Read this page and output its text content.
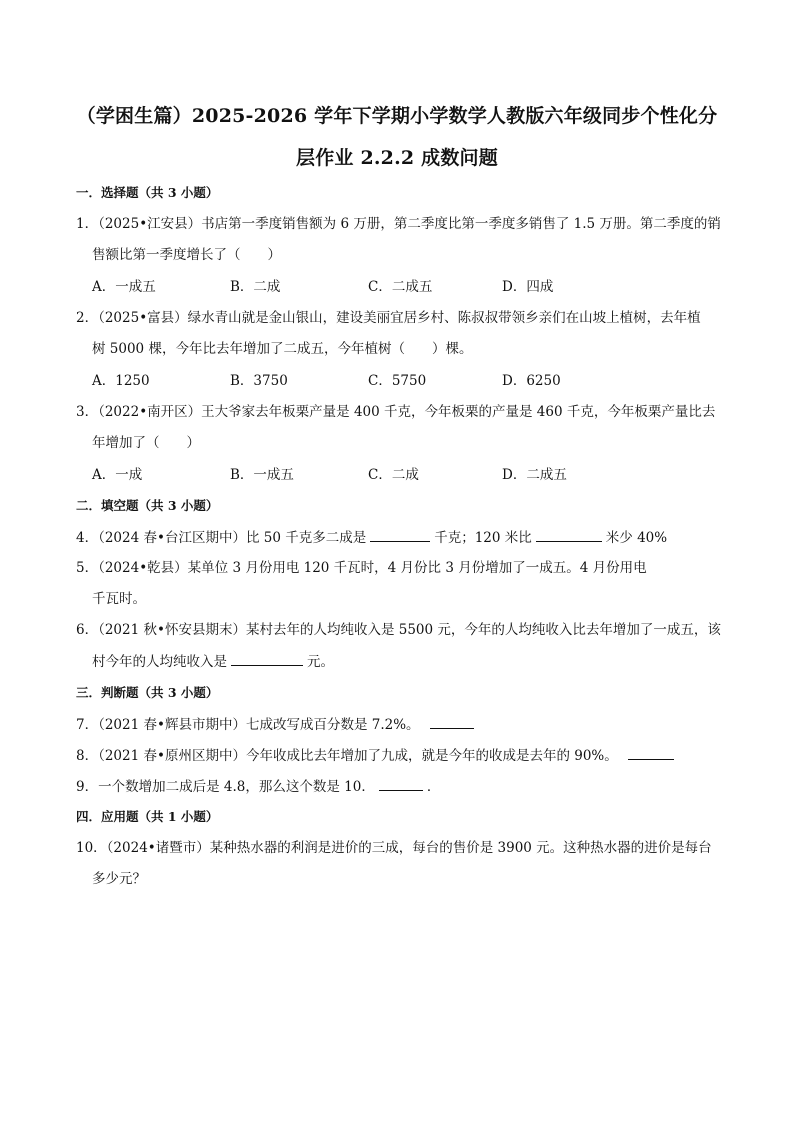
（学困生篇）2025-2026 学年下学期小学数学人教版六年级同步个性化分
层作业 2.2.2 成数问题
一．选择题（共 3 小题）
1．（2025•江安县）书店第一季度销售额为 6 万册，第二季度比第一季度多销售了 1.5 万册。第二季度的销
售额比第一季度增长了（　　）
A．一成五	B．二成	C．二成五	D．四成
2．（2025•富县）绿水青山就是金山银山，建设美丽宜居乡村、陈叔叔带领乡亲们在山坡上植树，去年植
树 5000 棵，今年比去年增加了二成五，今年植树（　　）棵。
A．1250	B．3750	C．5750	D．6250
3．（2022•南开区）王大爷家去年板栗产量是 400 千克，今年板栗的产量是 460 千克，今年板栗产量比去
年增加了（　　）
A．一成	B．一成五	C．二成	D．二成五
二．填空题（共 3 小题）
4．（2024 春•台江区期中）比 50 千克多二成是	千克；120 米比	米少 40%
5．（2024•乾县）某单位 3 月份用电 120 千瓦时，4 月份比 3 月份增加了一成五。4 月份用电
千瓦时。
6．（2021 秋•怀安县期末）某村去年的人均纯收入是 5500 元，今年的人均纯收入比去年增加了一成五，该
村今年的人均纯收入是	元。
三．判断题（共 3 小题）
7．（2021 春•辉县市期中）七成改写成百分数是 7.2%。
8．（2021 春•原州区期中）今年收成比去年增加了九成，就是今年的收成是去年的 90%。
9．一个数增加二成后是 4.8，那么这个数是 10．	．
四．应用题（共 1 小题）
10．（2024•诸暨市）某种热水器的利润是进价的三成，每台的售价是 3900 元。这种热水器的进价是每台
多少元？
